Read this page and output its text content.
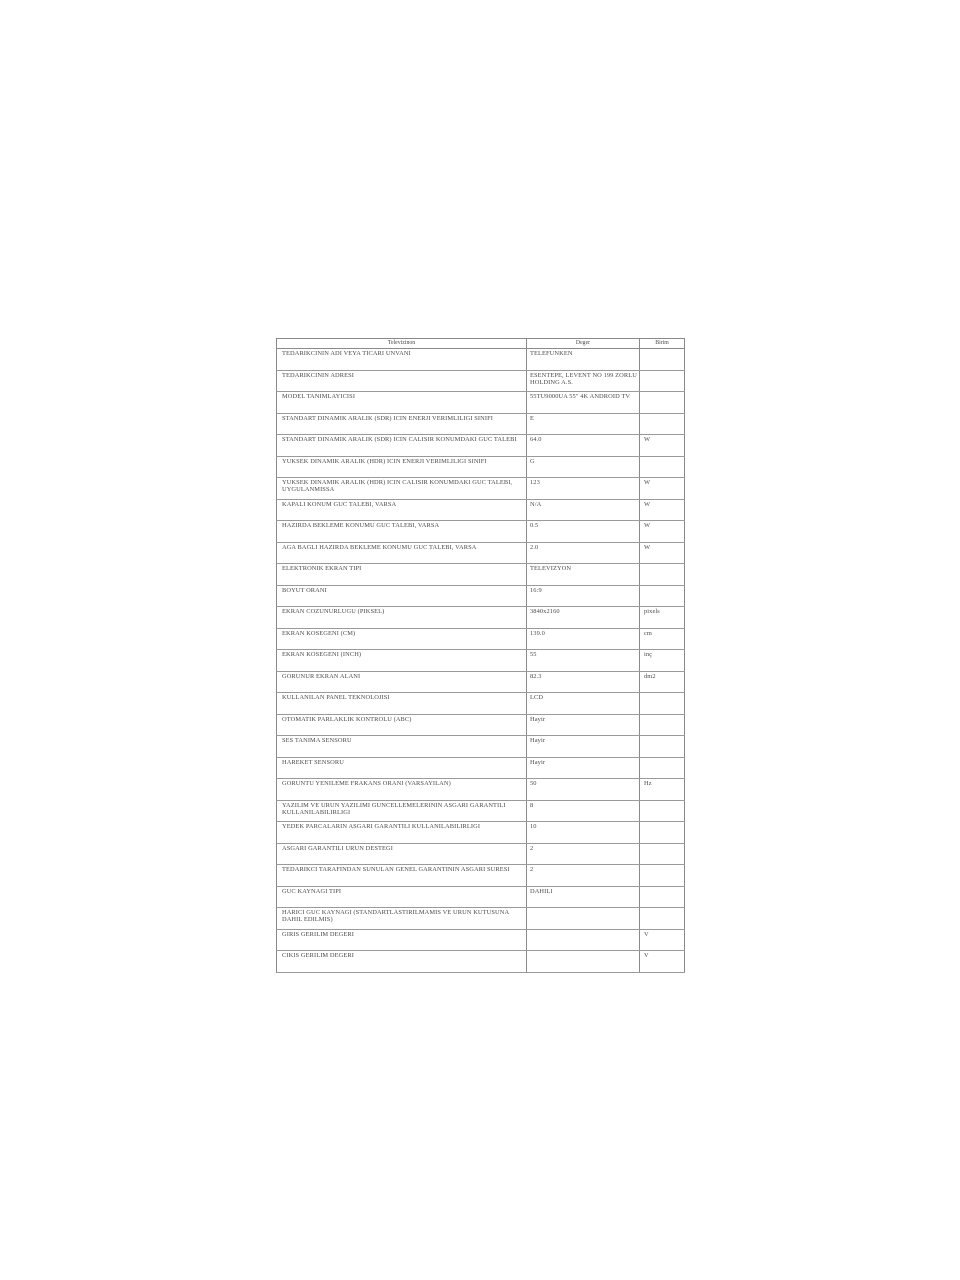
Televizinon	Deger	Birim

TEDARIKCININ ADI VEYA TICARI UNVANI	TELEFUNKEN	

TEDARIKCININ ADRESI	ESENTEPE, LEVENT NO 199 ZORLU HOLDING A.S.	

MODEL TANIMLAYICISI	55TU9000UA 55" 4K ANDROID TV	

STANDART DINAMIK ARALIK (SDR) ICIN ENERJI VERIMLILIGI SINIFI	E	

STANDART DINAMIK ARALIK (SDR) ICIN CALISIR KONUMDAKI GUC TALEBI	64.0	W

YUKSEK DINAMIK ARALIK (HDR) ICIN ENERJI VERIMLILIGI SINIFI	G	

YUKSEK DINAMIK ARALIK (HDR) ICIN CALISIR KONUMDAKI GUC TALEBI, UYGULANMISSA	123	W

KAPALI KONUM GUC TALEBI, VARSA	N/A	W

HAZIRDA BEKLEME KONUMU GUC TALEBI, VARSA	0.5	W

AGA BAGLI HAZIRDA BEKLEME KONUMU GUC TALEBI, VARSA	2.0	W

ELEKTRONIK EKRAN TIPI	TELEVIZYON	

BOYUT ORANI	16:9	

EKRAN COZUNURLUGU (PIKSEL)	3840x2160	pixels

EKRAN KOSEGENI (CM)	139.0	cm

EKRAN KOSEGENI (INCH)	55	inç

GORUNUR EKRAN ALANI	82.3	dm2

KULLANILAN PANEL TEKNOLOJISI	LCD	

OTOMATIK PARLAKLIK KONTROLU (ABC)	Hayir	

SES TANIMA SENSORU	Hayir	

HAREKET SENSORU	Hayir	

GORUNTU YENILEME FRAKANS ORANI (VARSAYILAN)	50	Hz

YAZILIM VE URUN YAZILIMI GUNCELLEMELERININ ASGARI GARANTILI KULLANILABILIRLIGI	8	

YEDEK PARCALARIN ASGARI GARANTILI KULLANILABILIRLIGI	10	

ASGARI GARANTILI URUN DESTEGI	2	

TEDARIKCI TARAFINDAN SUNULAN GENEL GARANTININ ASGARI SURESI	2	

GUC KAYNAGI TIPI	DAHILI	

HARICI GUC KAYNAGI (STANDARTLASTIRILMAMIS VE URUN KUTUSUNA DAHIL EDILMIS)		

GIRIS GERILIM DEGERI		V

CIKIS GERILIM DEGERI		V
